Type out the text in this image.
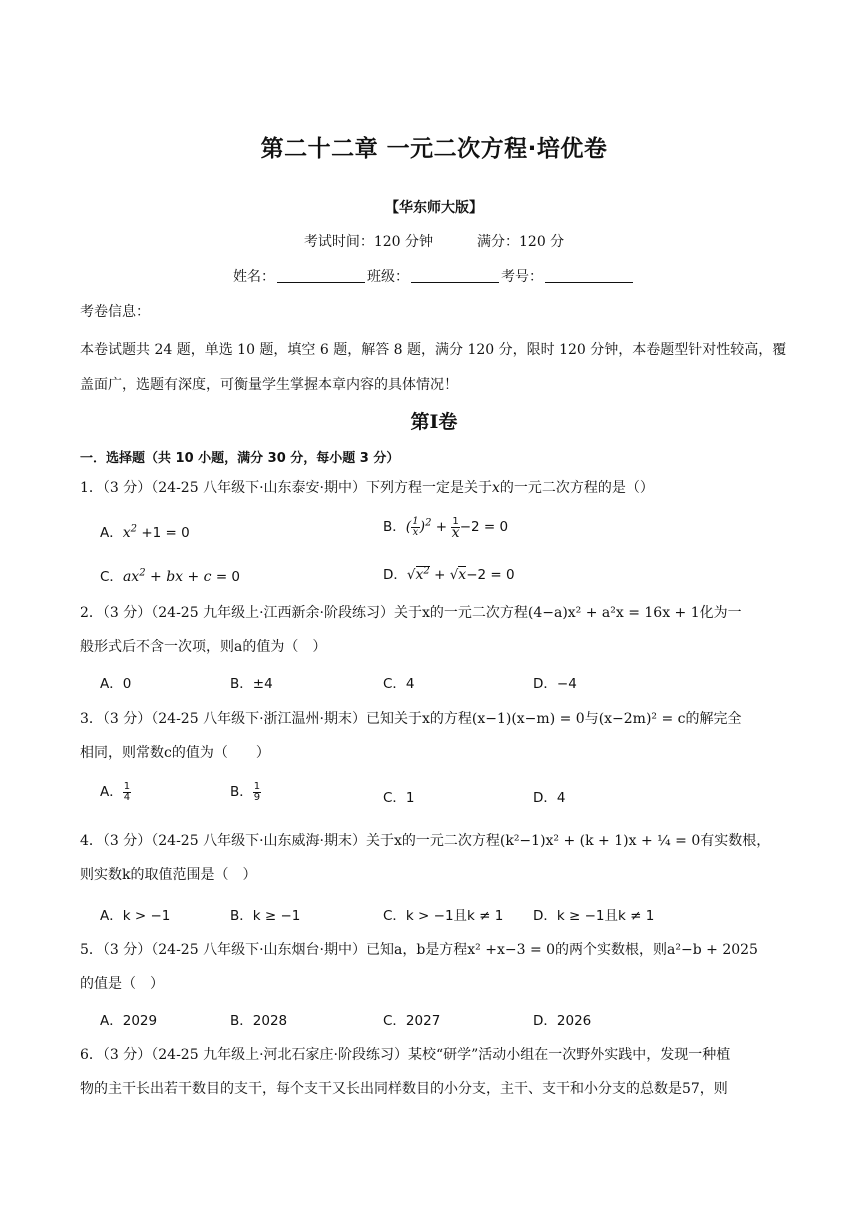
第二十二章 一元二次方程·培优卷
【华东师大版】
考试时间：120 分钟	满分：120 分
姓名：	班级：	考号：
考卷信息：
本卷试题共 24 题，单选 10 题，填空 6 题，解答 8 题，满分 120 分，限时 120 分钟，本卷题型针对性较高，覆盖面广，选题有深度，可衡量学生掌握本章内容的具体情况！
第Ⅰ卷
一．选择题（共 10 小题，满分 30 分，每小题 3 分）
1．（3 分）（24-25 八年级下·山东泰安·期中）下列方程一定是关于x的一元二次方程的是（）
A．$x^2 +1 = 0$	B．( $\frac{1}{x} )^2 + \frac{1}{x} -2 = 0$
C．$ax^2$ + bx + c = 0	D．$√x^2 + √x-2 = 0$
2．（3 分）（24-25 九年级上·江西新余·阶段练习）关于x的一元二次方程(4−a)x² + a²x = 16x + 1化为一
般形式后不含一次项，则a的值为（　）
A．0	B．±4	C．4	D．−4
3．（3 分）（24-25 八年级下·浙江温州·期末）已知关于x的方程(x−1)(x−m) = 0与(x−2m)² = c的解完全
相同，则常数c的值为（　　）
A． $\frac{1}{4}$	B． $\frac{1}{9}$	C．1	D．4
4．（3 分）（24-25 八年级下·山东威海·期末）关于x的一元二次方程(k²−1)x² + (k + 1)x + ¼ = 0有实数根，
则实数k的取值范围是（　）
A．k > −1	B．k ≥ −1	C．k > −1且k ≠ 1 D．k ≥ −1且k ≠ 1
5．（3 分）（24-25 八年级下·山东烟台·期中）已知a，b是方程x² +x−3 = 0的两个实数根，则a²−b + 2025
的值是（　）
A．2029	B．2028	C．2027	D．2026
6．（3 分）（24-25 九年级上·河北石家庄·阶段练习）某校“研学”活动小组在一次野外实践中，发现一种植
物的主干长出若干数目的支干，每个支干又长出同样数目的小分支，主干、支干和小分支的总数是57，则
